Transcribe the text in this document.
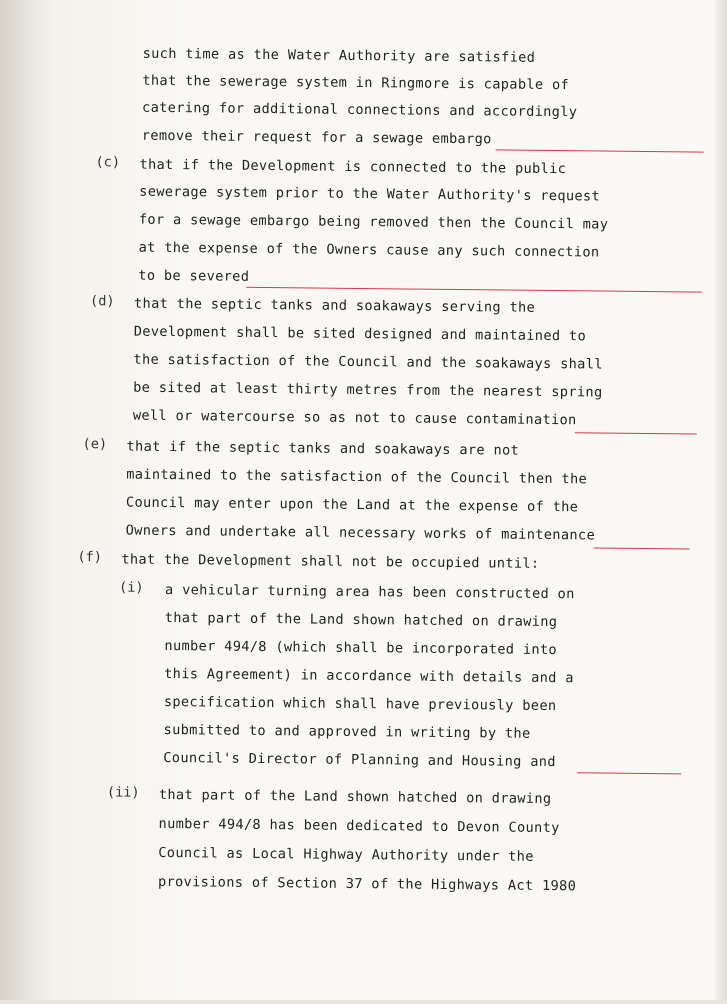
such time as the Water Authority are satisfied
that the sewerage system in Ringmore is capable of
catering for additional connections and accordingly
remove their request for a sewage embargo
(c) that if the Development is connected to the public
sewerage system prior to the Water Authority's request
for a sewage embargo being removed then the Council may
at the expense of the Owners cause any such connection
to be severed
(d) that the septic tanks and soakaways serving the
Development shall be sited designed and maintained to
the satisfaction of the Council and the soakaways shall
be sited at least thirty metres from the nearest spring
well or watercourse so as not to cause contamination
(e) that if the septic tanks and soakaways are not
maintained to the satisfaction of the Council then the
Council may enter upon the Land at the expense of the
Owners and undertake all necessary works of maintenance
(f) that the Development shall not be occupied until:
(i) a vehicular turning area has been constructed on
that part of the Land shown hatched on drawing
number 494/8 (which shall be incorporated into
this Agreement) in accordance with details and a
specification which shall have previously been
submitted to and approved in writing by the
Council's Director of Planning and Housing and
(ii) that part of the Land shown hatched on drawing
number 494/8 has been dedicated to Devon County
Council as Local Highway Authority under the
provisions of Section 37 of the Highways Act 1980
